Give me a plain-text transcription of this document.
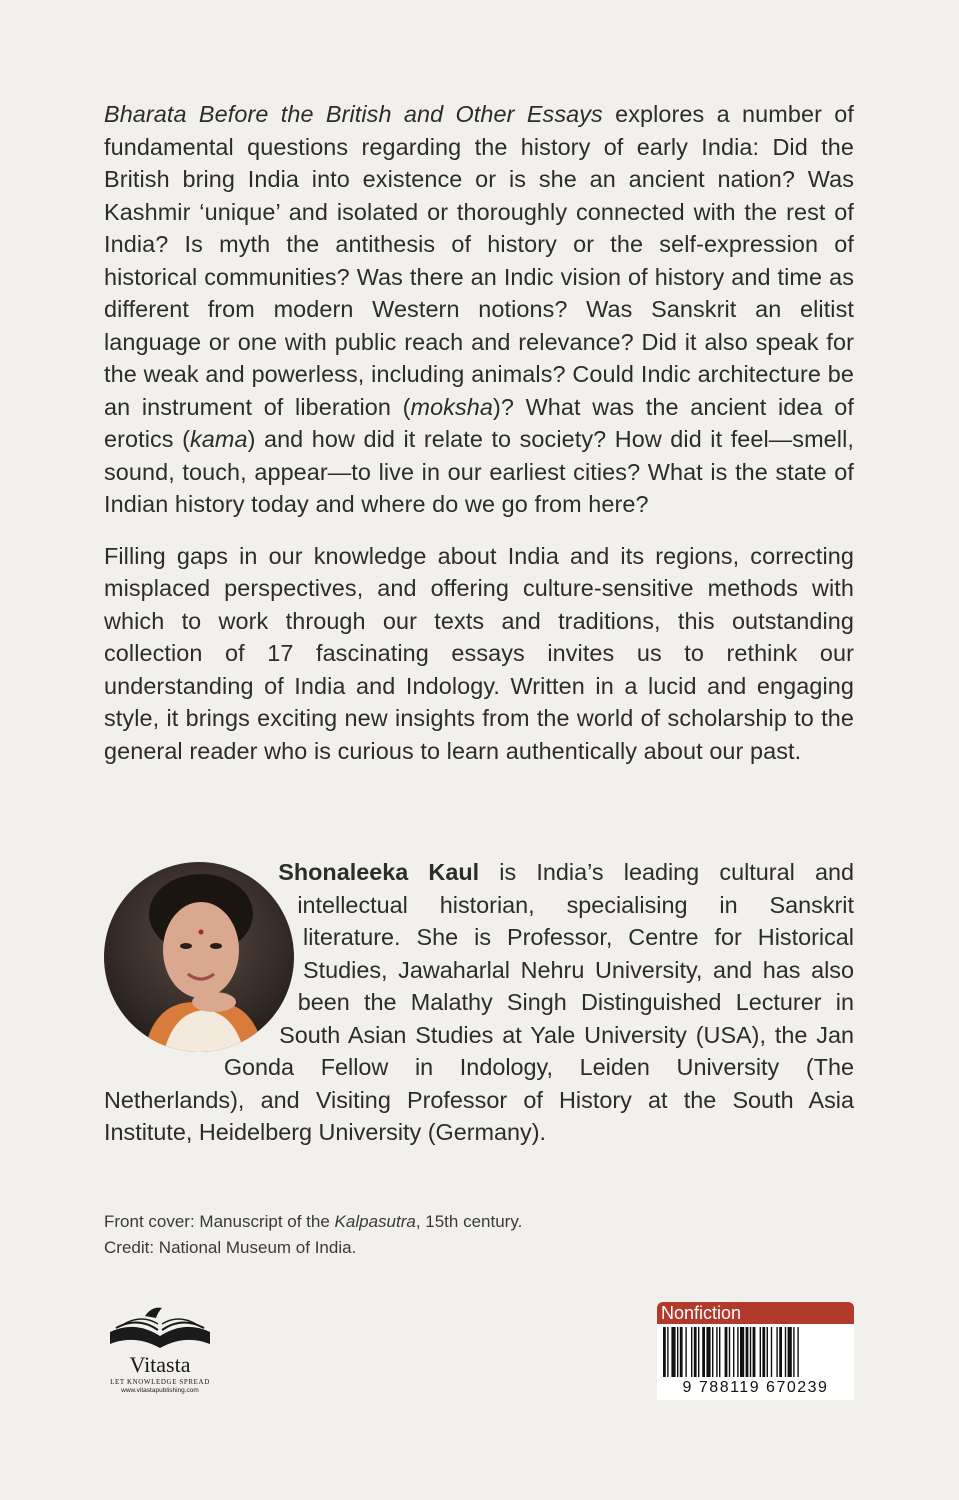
Bharata Before the British and Other Essays explores a number of fundamental questions regarding the history of early India: Did the British bring India into existence or is she an ancient nation? Was Kashmir ‘unique’ and isolated or thoroughly connected with the rest of India? Is myth the antithesis of history or the self-expression of historical communities? Was there an Indic vision of history and time as different from modern Western notions? Was Sanskrit an elitist language or one with public reach and relevance? Did it also speak for the weak and powerless, including animals? Could Indic architecture be an instrument of liberation (moksha)? What was the ancient idea of erotics (kama) and how did it relate to society? How did it feel—smell, sound, touch, appear—to live in our earliest cities? What is the state of Indian history today and where do we go from here?

Filling gaps in our knowledge about India and its regions, correcting misplaced perspectives, and offering culture-sensitive methods with which to work through our texts and traditions, this outstanding collection of 17 fascinating essays invites us to rethink our understanding of India and Indology. Written in a lucid and engaging style, it brings exciting new insights from the world of scholarship to the general reader who is curious to learn authentically about our past.

Shonaleeka Kaul is India’s leading cultural and intellectual historian, specialising in Sanskrit literature. She is Professor, Centre for Historical Studies, Jawaharlal Nehru University, and has also been the Malathy Singh Distinguished Lecturer in South Asian Studies at Yale University (USA), the Jan Gonda Fellow in Indology, Leiden University (The Netherlands), and Visiting Professor of History at the South Asia Institute, Heidelberg University (Germany).
Front cover: Manuscript of the Kalpasutra, 15th century.
Credit: National Museum of India.
Vitasta
LET KNOWLEDGE SPREAD
www.vitastapublishing.com
Nonfiction
9 788119 670239
